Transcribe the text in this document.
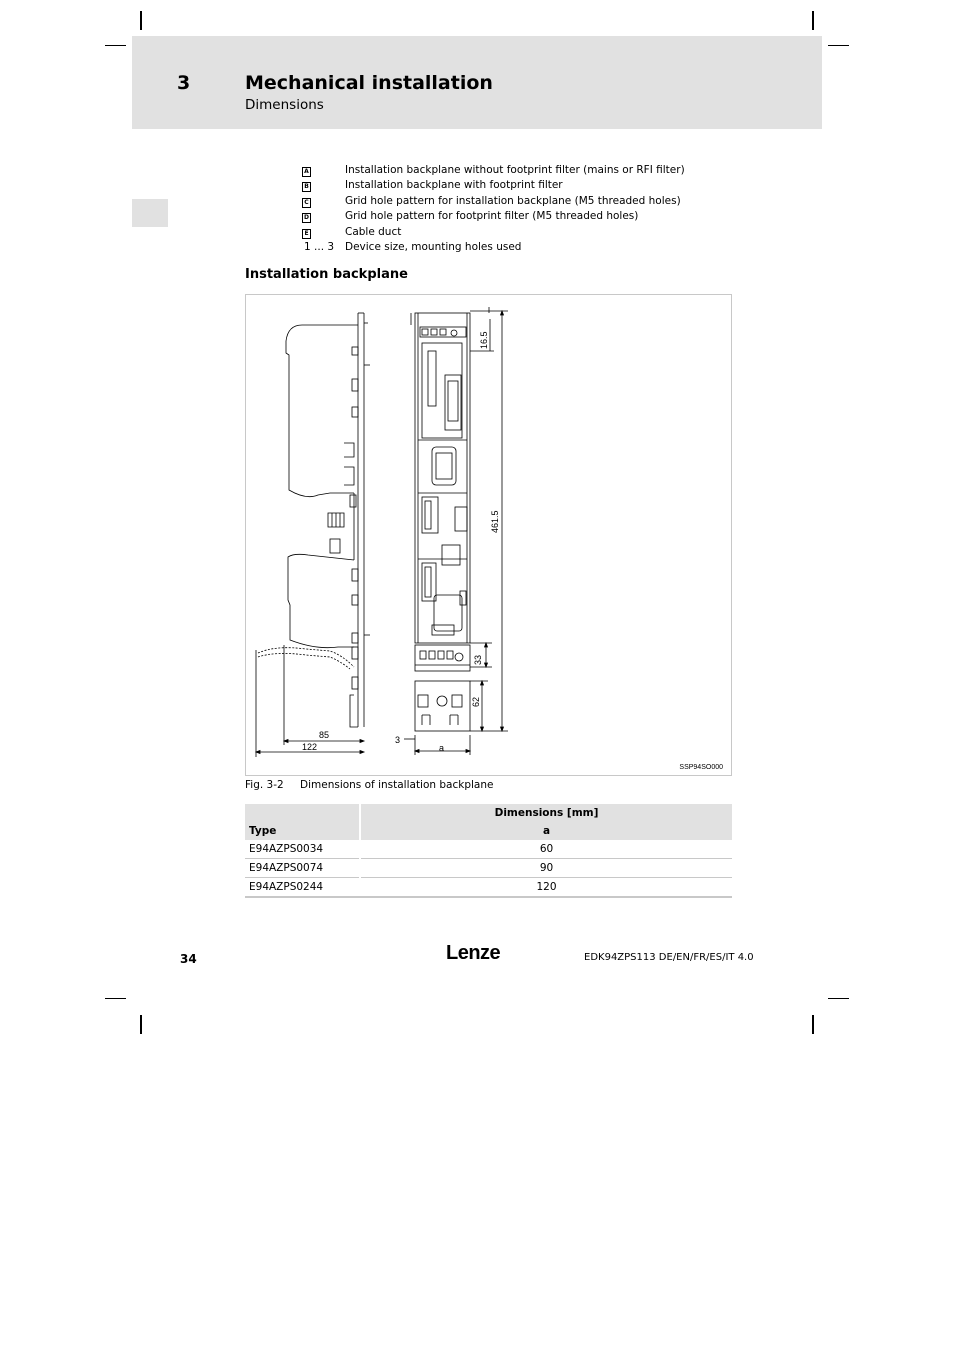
3	Mechanical installation
Dimensions
A	Installation backplane without footprint filter (mains or RFI filter)
B	Installation backplane with footprint filter
C	Grid hole pattern for installation backplane (M5 threaded holes)
D	Grid hole pattern for footprint filter (M5 threaded holes)
E	Cable duct
1 ... 3	Device size, mounting holes used
Installation backplane
16.5
461.5
33
62
85
122
3
a
SSP94SO000
Fig. 3-2 Dimensions of installation backplane
	Dimensions [mm]
Type	a
E94AZPS0034	60
E94AZPS0074	90
E94AZPS0244	120
34	Lenze	EDK94ZPS113 DE/EN/FR/ES/IT 4.0
